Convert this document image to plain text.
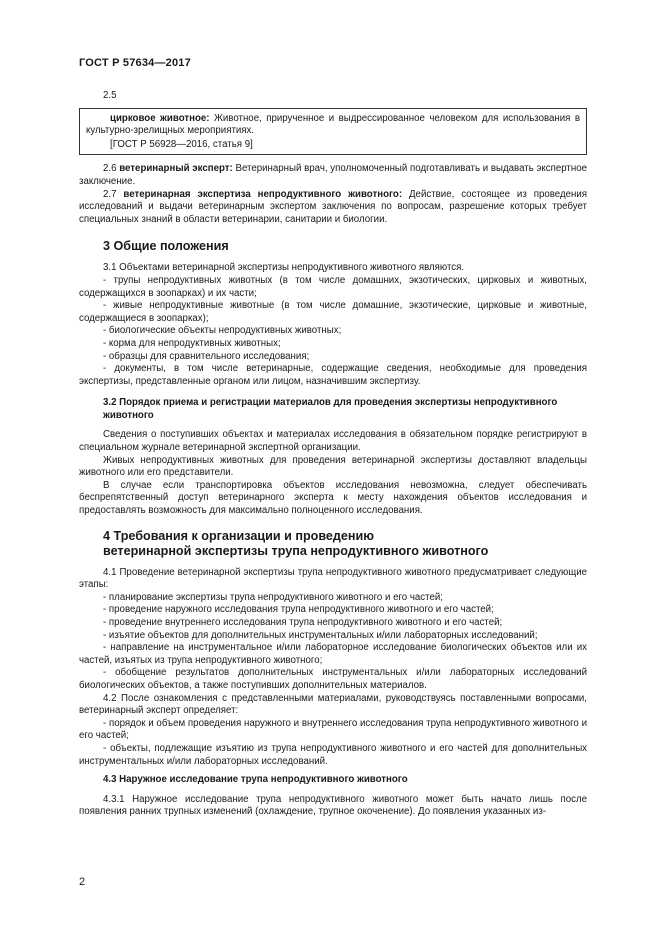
ГОСТ Р 57634—2017

2.5

цирковое животное: Животное, прирученное и выдрессированное человеком для использования в культурно-зрелищных мероприятиях.

[ГОСТ Р 56928—2016, статья 9]

2.6 ветеринарный эксперт: Ветеринарный врач, уполномоченный подготавливать и выдавать экспертное заключение.

2.7 ветеринарная экспертиза непродуктивного животного: Действие, состоящее из проведения исследований и выдачи ветеринарным экспертом заключения по вопросам, разрешение которых требует специальных знаний в области ветеринарии, санитарии и биологии.

3 Общие положения

3.1 Объектами ветеринарной экспертизы непродуктивного животного являются.

- трупы непродуктивных животных (в том числе домашних, экзотических, цирковых и животных, содержащихся в зоопарках) и их части;

- живые непродуктивные животные (в том числе домашние, экзотические, цирковые и животные, содержащиеся в зоопарках);

- биологические объекты непродуктивных животных;

- корма для непродуктивных животных;

- образцы для сравнительного исследования;

- документы, в том числе ветеринарные, содержащие сведения, необходимые для проведения экспертизы, представленные органом или лицом, назначившим экспертизу.

3.2 Порядок приема и регистрации материалов для проведения экспертизы непродуктивного животного

Сведения о поступивших объектах и материалах исследования в обязательном порядке регистрируют в специальном журнале ветеринарной экспертной организации.

Живых непродуктивных животных для проведения ветеринарной экспертизы доставляют владельцы животного или его представители.

В случае если транспортировка объектов исследования невозможна, следует обеспечивать беспрепятственный доступ ветеринарного эксперта к месту нахождения объектов исследования и предоставлять возможность для максимально полноценного исследования.

4 Требования к организации и проведению
ветеринарной экспертизы трупа непродуктивного животного

4.1 Проведение ветеринарной экспертизы трупа непродуктивного животного предусматривает следующие этапы:

- планирование экспертизы трупа непродуктивного животного и его частей;

- проведение наружного исследования трупа непродуктивного животного и его частей;

- проведение внутреннего исследования трупа непродуктивного животного и его частей;

- изъятие объектов для дополнительных инструментальных и/или лабораторных исследований;

- направление на инструментальное и/или лабораторное исследование биологических объектов или их частей, изъятых из трупа непродуктивного животного;

- обобщение результатов дополнительных инструментальных и/или лабораторных исследований биологических объектов, а также поступивших дополнительных материалов.

4.2 После ознакомления с представленными материалами, руководствуясь поставленными вопросами, ветеринарный эксперт определяет:

- порядок и объем проведения наружного и внутреннего исследования трупа непродуктивного животного и его частей;

- объекты, подлежащие изъятию из трупа непродуктивного животного и его частей для дополнительных инструментальных и/или лабораторных исследований.

4.3 Наружное исследование трупа непродуктивного животного

4.3.1 Наружное исследование трупа непродуктивного животного может быть начато лишь после появления ранних трупных изменений (охлаждение, трупное окоченение). До появления указанных из-

2
